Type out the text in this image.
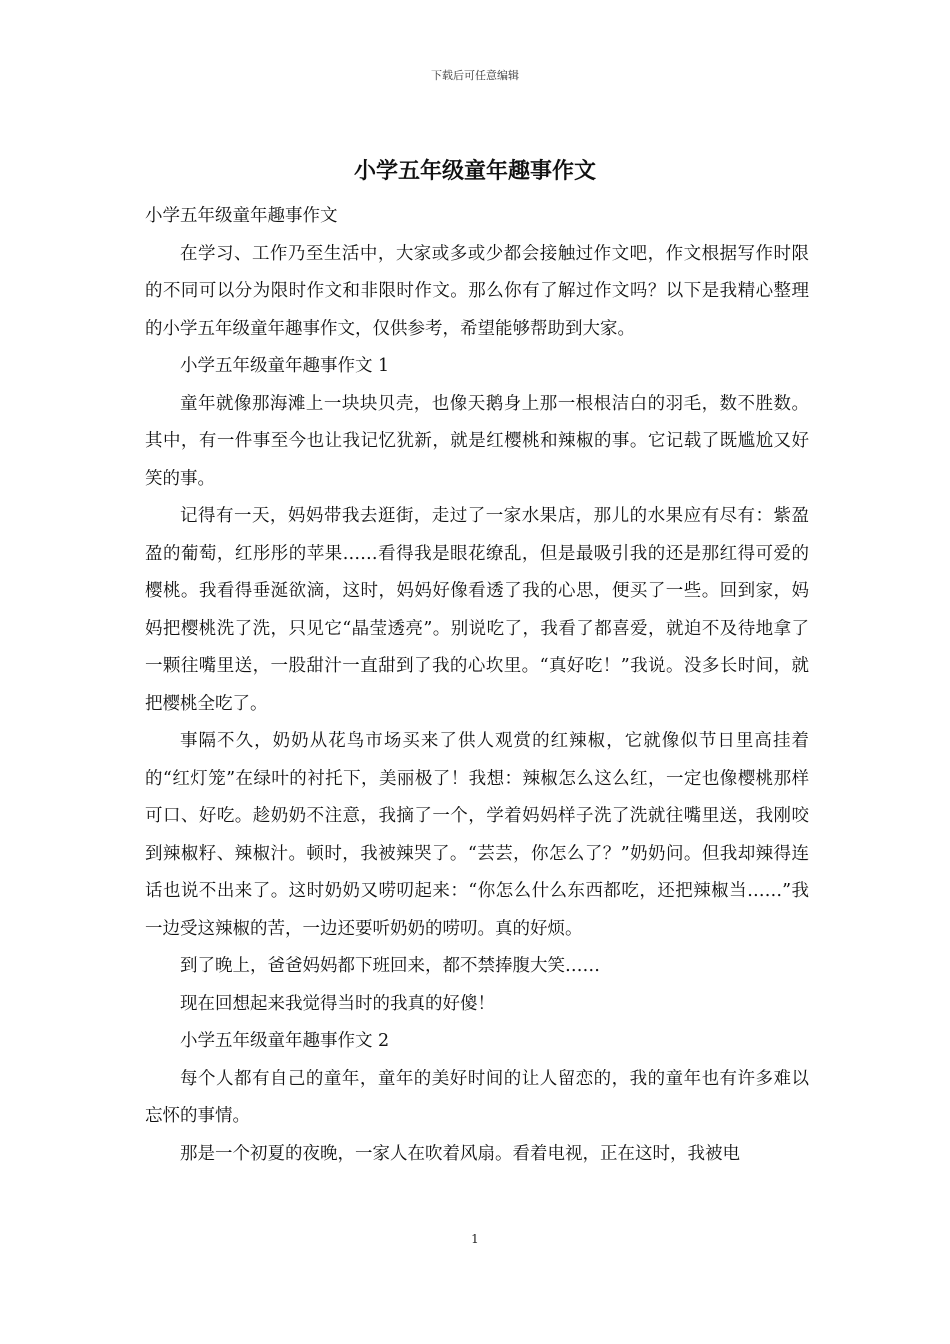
下载后可任意编辑
小学五年级童年趣事作文

小学五年级童年趣事作文

在学习、工作乃至生活中，大家或多或少都会接触过作文吧，作文根据写作时限的不同可以分为限时作文和非限时作文。那么你有了解过作文吗？以下是我精心整理的小学五年级童年趣事作文，仅供参考，希望能够帮助到大家。

小学五年级童年趣事作文 1

童年就像那海滩上一块块贝壳，也像天鹅身上那一根根洁白的羽毛，数不胜数。其中，有一件事至今也让我记忆犹新，就是红樱桃和辣椒的事。它记载了既尴尬又好笑的事。

记得有一天，妈妈带我去逛街，走过了一家水果店，那儿的水果应有尽有：紫盈盈的葡萄，红彤彤的苹果……看得我是眼花缭乱，但是最吸引我的还是那红得可爱的樱桃。我看得垂涎欲滴，这时，妈妈好像看透了我的心思，便买了一些。回到家，妈妈把樱桃洗了洗，只见它“晶莹透亮”。别说吃了，我看了都喜爱，就迫不及待地拿了一颗往嘴里送，一股甜汁一直甜到了我的心坎里。“真好吃！”我说。没多长时间，就把樱桃全吃了。

事隔不久，奶奶从花鸟市场买来了供人观赏的红辣椒，它就像似节日里高挂着的“红灯笼”在绿叶的衬托下，美丽极了！我想：辣椒怎么这么红，一定也像樱桃那样可口、好吃。趁奶奶不注意，我摘了一个，学着妈妈样子洗了洗就往嘴里送，我刚咬到辣椒籽、辣椒汁。顿时，我被辣哭了。“芸芸，你怎么了？”奶奶问。但我却辣得连话也说不出来了。这时奶奶又唠叨起来：“你怎么什么东西都吃，还把辣椒当……”我一边受这辣椒的苦，一边还要听奶奶的唠叨。真的好烦。

到了晚上，爸爸妈妈都下班回来，都不禁捧腹大笑……

现在回想起来我觉得当时的我真的好傻！

小学五年级童年趣事作文 2

每个人都有自己的童年，童年的美好时间的让人留恋的，我的童年也有许多难以忘怀的事情。

那是一个初夏的夜晚，一家人在吹着风扇。看着电视，正在这时，我被电

1
